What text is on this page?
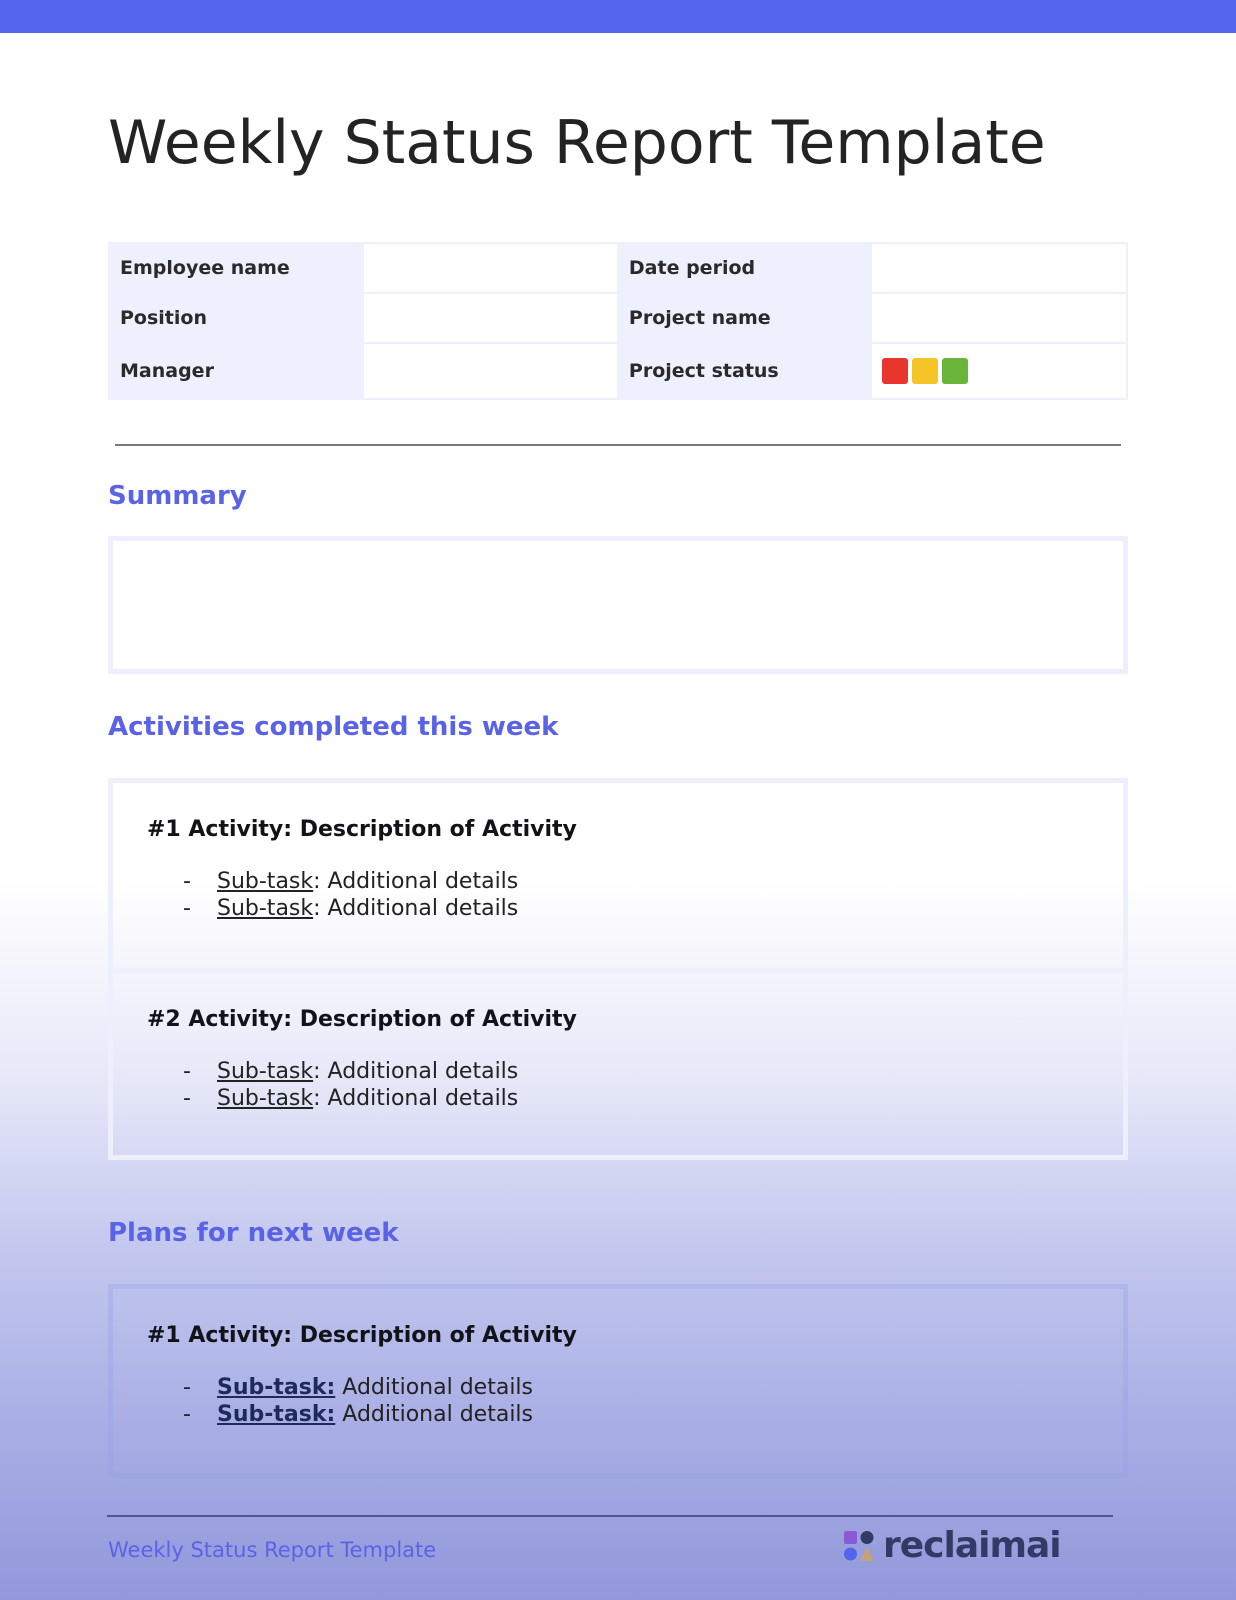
Weekly Status Report Template
Employee name		Date period	
Position		Project name	
Manager		Project status	
Summary
Activities completed this week
#1 Activity: Description of Activity
- Sub-task: Additional details
- Sub-task: Additional details
#2 Activity: Description of Activity
- Sub-task: Additional details
- Sub-task: Additional details
Plans for next week
#1 Activity: Description of Activity
- Sub-task: Additional details
- Sub-task: Additional details
Weekly Status Report Template	reclaimai
